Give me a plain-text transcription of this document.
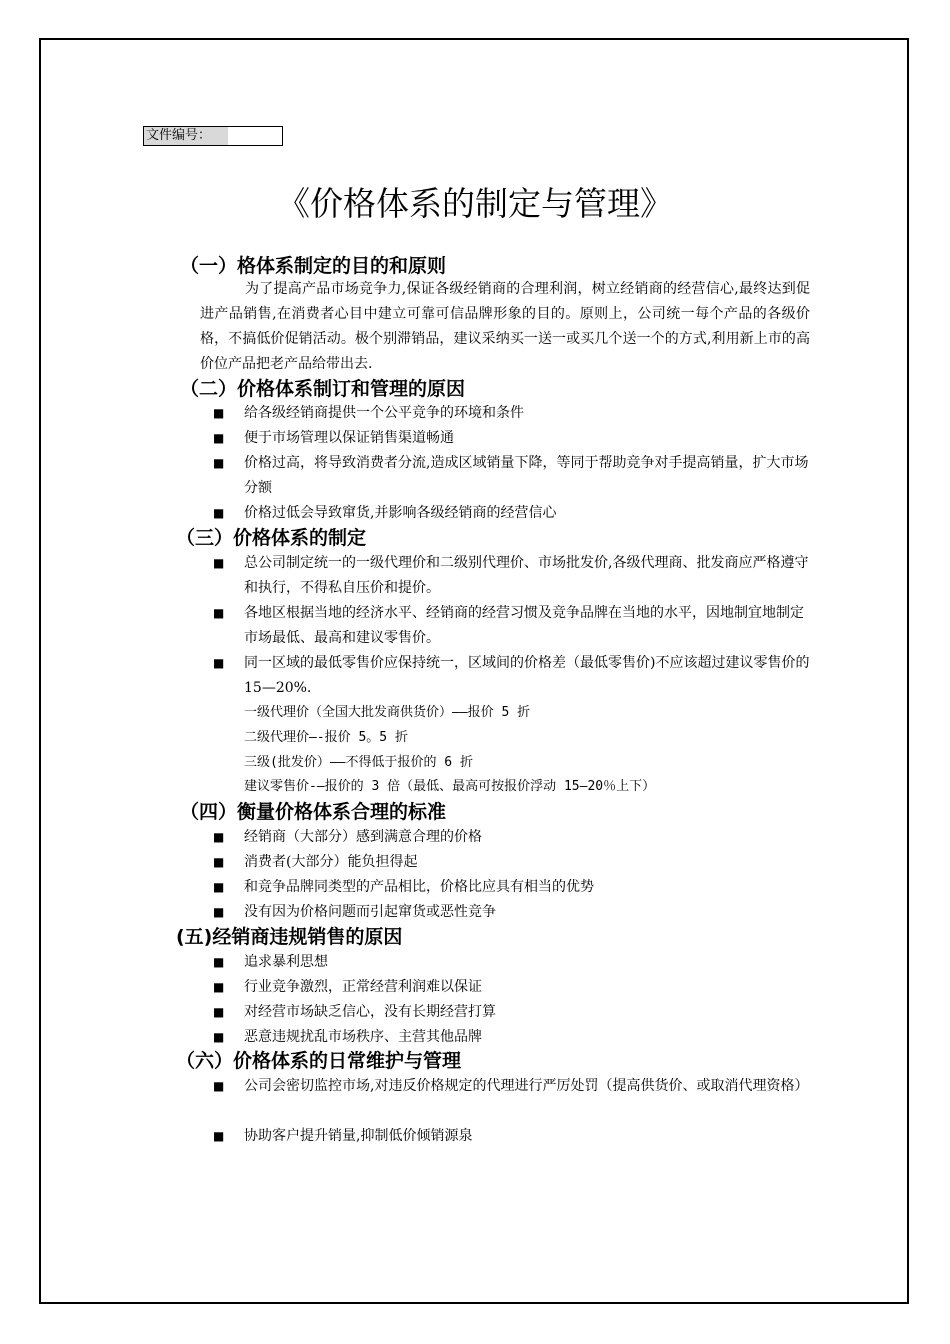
文件编号：
《价格体系的制定与管理》
（一）格体系制定的目的和原则
为了提高产品市场竞争力,保证各级经销商的合理利润，树立经销商的经营信心,最终达到促进产品销售,在消费者心目中建立可靠可信品牌形象的目的。原则上，公司统一每个产品的各级价格，不搞低价促销活动。极个别滞销品，建议采纳买一送一或买几个送一个的方式,利用新上市的高价位产品把老产品给带出去.
（二）价格体系制订和管理的原因
■ 给各级经销商提供一个公平竞争的环境和条件
■ 便于市场管理以保证销售渠道畅通
■ 价格过高，将导致消费者分流,造成区域销量下降，等同于帮助竞争对手提高销量，扩大市场分额
■ 价格过低会导致窜货,并影响各级经销商的经营信心
（三）价格体系的制定
■ 总公司制定统一的一级代理价和二级别代理价、市场批发价,各级代理商、批发商应严格遵守和执行，不得私自压价和提价。
■ 各地区根据当地的经济水平、经销商的经营习惯及竞争品牌在当地的水平，因地制宜地制定市场最低、最高和建议零售价。
■ 同一区域的最低零售价应保持统一，区域间的价格差（最低零售价)不应该超过建议零售价的 15—20%.
一级代理价（全国大批发商供货价）——报价 5 折
二级代理价—-报价 5。5 折
三级(批发价）——不得低于报价的 6 折
建议零售价-—报价的 3 倍（最低、最高可按报价浮动 15—20％上下）
（四）衡量价格体系合理的标准
■ 经销商（大部分）感到满意合理的价格
■ 消费者(大部分）能负担得起
■ 和竞争品牌同类型的产品相比，价格比应具有相当的优势
■ 没有因为价格问题而引起窜货或恶性竞争
(五)经销商违规销售的原因
■ 追求暴利思想
■ 行业竞争激烈，正常经营利润难以保证
■ 对经营市场缺乏信心，没有长期经营打算
■ 恶意违规扰乱市场秩序、主营其他品牌
（六）价格体系的日常维护与管理
■ 公司会密切监控市场,对违反价格规定的代理进行严厉处罚（提高供货价、或取消代理资格）
■ 协助客户提升销量,抑制低价倾销源泉
